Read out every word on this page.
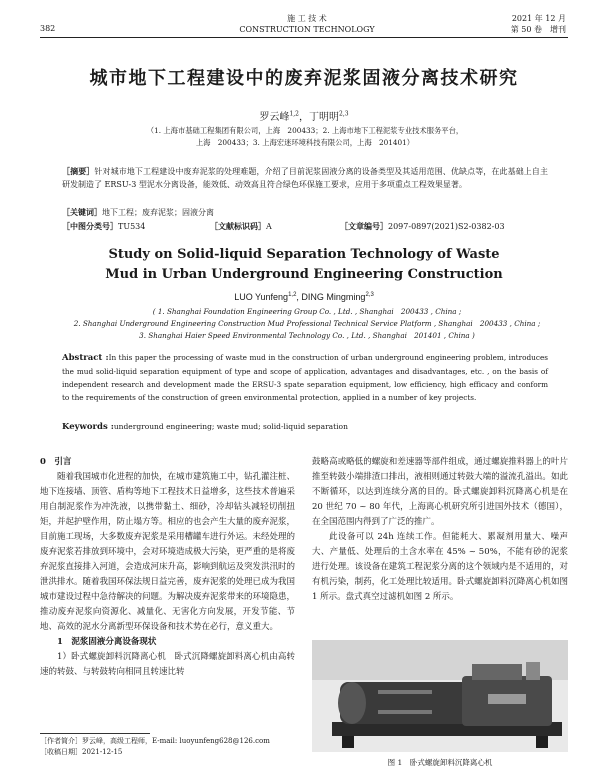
382
施 工 技 术
CONSTRUCTION TECHNOLOGY
2021 年 12 月
第 50 卷　增刊
城市地下工程建设中的废弃泥浆固液分离技术研究
罗云峰$^{1,2}$，丁明明$^{2,3}$
（1. 上海市基础工程集团有限公司，上海　200433；2. 上海市地下工程泥浆专业技术服务平台，
上海　200433；3. 上海宏迷环境科技有限公司，上海　201401）
［摘要］针对城市地下工程建设中废弃泥浆的处理难题，介绍了目前泥浆固液分离的设备类型及其适用范围、优缺点等，在此基础上自主研发制造了 ERSU-3 型泥水分离设备，能效低、动效高且符合绿色环保施工要求，应用于多项重点工程效果显著。
［关键词］地下工程；废弃泥浆；固液分离
［中图分类号］TU534	［文献标识码］A	［文章编号］2097-0897(2021)S2-0382-03
Study on Solid-liquid Separation Technology of Waste
Mud in Urban Underground Engineering Construction
LUO Yunfeng$^{1,2}$, DING Mingming$^{2,3}$
( 1. Shanghai Foundation Engineering Group Co. , Ltd. , Shanghai　200433 , China ;
2. Shanghai Underground Engineering Construction Mud Professional Technical Service Platform , Shanghai　200433 , China ;
3. Shanghai Haier Speed Environmental Technology Co. , Ltd. , Shanghai　201401 , China )
Abstract :In this paper the processing of waste mud in the construction of urban underground engineering problem, introduces the mud solid-liquid separation equipment of type and scope of application, advantages and disadvantages, etc. , on the basis of independent research and development made the ERSU-3 spate separation equipment, low efficiency, high efficacy and conform to the requirements of the construction of green environmental protection, applied in a number of key projects.
Keywords :underground engineering; waste mud; solid-liquid separation

0　引言

随着我国城市化进程的加快，在城市建筑施工中，钻孔灌注桩、地下连接墙、顶管、盾构等地下工程技术日益增多，这些技术普遍采用自制泥浆作为冲洗液，以携带黏土、细砂，冷却钻头减轻切削扭矩，并起护壁作用，防止塌方等。相应的也会产生大量的废弃泥浆，目前施工现场，大多数废弃泥浆是采用槽罐车进行外运。未经处理的废弃泥浆若排放到环境中，会对环境造成极大污染，更严重的是将废弃泥浆直接排入河道，会造成河床升高，影响到航运及突发洪汛时的泄洪排水。随着我国环保法规日益完善，废弃泥浆的处理已成为我国城市建设过程中急待解决的问题。为解决废弃泥浆带来的环境隐患，推动废弃泥浆向资源化、减量化、无害化方向发展，开发节能、节地、高效的泥水分离新型环保设备和技术势在必行，意义重大。

1　泥浆固液分离设备现状

1）卧式螺旋卸料沉降离心机　卧式沉降螺旋卸料离心机由高转速的转鼓、与转鼓转向相同且转速比转

鼓略高或略低的螺旋和差速器等部件组成，通过螺旋推料器上的叶片推至转鼓小端排渣口排出，液相则通过转鼓大端的溢流孔溢出。如此不断循环，以达到连续分离的目的。卧式螺旋卸料沉降离心机是在 20 世纪 70 ~ 80 年代，上海离心机研究所引进国外技术（德国），在全国范围内得到了广泛的推广。

此设备可以 24h 连续工作。但能耗大、累凝剂用量大、噪声大、产量低、处理后的土含水率在 45% ~ 50%，不能有砂的泥浆进行处理。该设备在建筑工程泥浆分离的这个领域内是不适用的，对有机污染，制药，化工处理比较适用。卧式螺旋卸料沉降离心机如图 1 所示。盘式真空过滤机如图 2 所示。

图 1　卧式螺旋卸料沉降离心机
［作者简介］罗云峰，高级工程师，E-mail: luoyunfeng628@126.com
［收稿日期］2021-12-15
